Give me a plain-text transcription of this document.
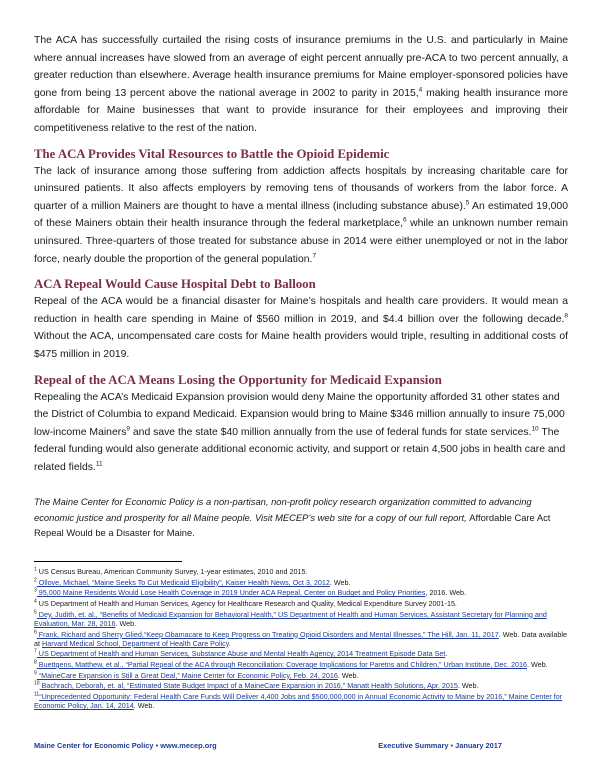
The ACA has successfully curtailed the rising costs of insurance premiums in the U.S. and particularly in Maine where annual increases have slowed from an average of eight percent annually pre-ACA to two percent annually, a greater reduction than elsewhere. Average health insurance premiums for Maine employer-sponsored policies have gone from being 13 percent above the national average in 2002 to parity in 2015,$^4$ making health insurance more affordable for Maine businesses that want to provide insurance for their employees and improving their competitiveness relative to the rest of the nation.

The ACA Provides Vital Resources to Battle the Opioid Epidemic

The lack of insurance among those suffering from addiction affects hospitals by increasing charitable care for uninsured patients. It also affects employers by removing tens of thousands of workers from the labor force. A quarter of a million Mainers are thought to have a mental illness (including substance abuse).$^5$ An estimated 19,000 of these Mainers obtain their health insurance through the federal marketplace,$^6$ while an unknown number remain uninsured. Three-quarters of those treated for substance abuse in 2014 were either unemployed or not in the labor force, nearly double the proportion of the general population.$^7$

ACA Repeal Would Cause Hospital Debt to Balloon

Repeal of the ACA would be a financial disaster for Maine’s hospitals and health care providers. It would mean a reduction in health care spending in Maine of $560 million in 2019, and $4.4 billion over the following decade.$^8$ Without the ACA, uncompensated care costs for Maine health providers would triple, resulting in additional costs of $475 million in 2019.

Repeal of the ACA Means Losing the Opportunity for Medicaid Expansion

Repealing the ACA’s Medicaid Expansion provision would deny Maine the opportunity afforded 31 other states and the District of Columbia to expand Medicaid. Expansion would bring to Maine $346 million annually to insure 75,000 low-income Mainers$^9$ and save the state $40 million annually from the use of federal funds for state services.$^{10}$ The federal funding would also generate additional economic activity, and support or retain 4,500 jobs in health care and related fields.$^{11}$

The Maine Center for Economic Policy is a non-partisan, non-profit policy research organization committed to advancing economic justice and prosperity for all Maine people. Visit MECEP’s web site for a copy of our full report, Affordable Care Act Repeal Would be a Disaster for Maine.

$^1$ US Census Bureau, American Community Survey, 1-year estimates, 2010 and 2015.
$^2$ Ollove, Michael, “Maine Seeks To Cut Medicaid Eligibility”, Kaiser Health News, Oct 3, 2012. Web.
$^3$ 95,000 Maine Residents Would Lose Health Coverage in 2019 Under ACA Repeal, Center on Budget and Policy Priorities, 2016. Web.
$^4$ US Department of Health and Human Services, Agency for Healthcare Research and Quality, Medical Expenditure Survey 2001-15.
$^5$ Dey, Judith, et. al., “Benefits of Medicaid Expansion for Behavioral Health,” US Department of Health and Human Services, Assistant Secretary for Planning and Evaluation, Mar. 28, 2016. Web.
$^6$ Frank, Richard and Sherry Glied,“Keep Obamacare to Keep Progress on Treating Opioid Disorders and Mental Illnesses,” The Hill, Jan. 11, 2017. Web. Data available at Harvard Medical School, Department of Health Care Policy.
$^7$ US Department of Health and Human Services, Substance Abuse and Mental Health Agency, 2014 Treatment Episode Data Set.
$^8$ Buettgens, Matthew, et al., “Partial Repeal of the ACA through Reconciliation: Coverage Implications for Paretns and Children,” Urban Institute, Dec. 2016. Web.
$^9$ “MaineCare Expansion is Still a Great Deal,” Maine Center for Economic Policy, Feb. 24, 2016. Web.
$^{10}$ Bachrach, Deborah, et. al, “Estimated State Budget Impact of a MaineCare Expansion in 2016,” Manatt Health Solutions, Apr. 2015. Web.
$^{11}$“Unprecedented Opportunity: Federal Health Care Funds Will Deliver 4,400 Jobs and $500,000,000 in Annual Economic Activity to Maine by 2016,” Maine Center for Economic Policy, Jan. 14, 2014. Web.
Maine Center for Economic Policy • www.mecep.org	Executive Summary • January 2017
